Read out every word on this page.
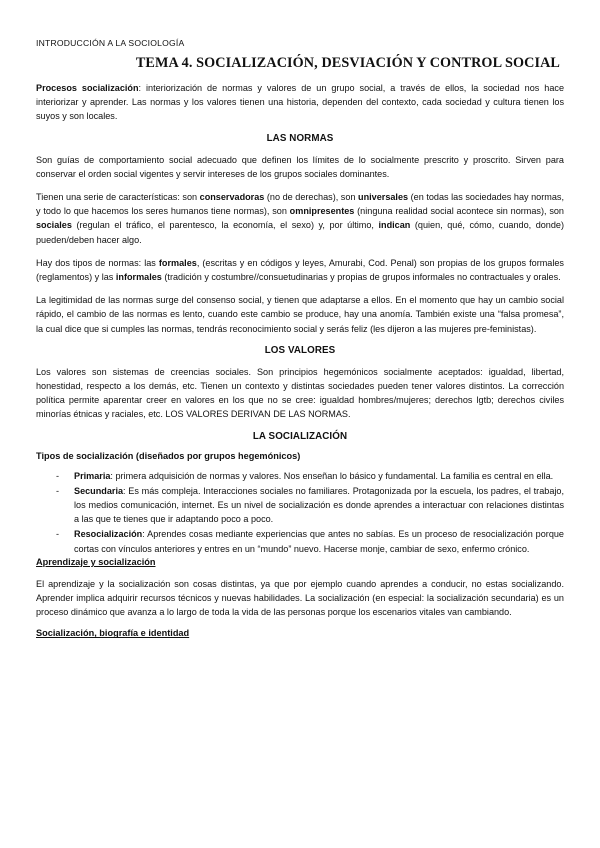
INTRODUCCIÓN A LA SOCIOLOGÍA
TEMA 4. SOCIALIZACIÓN, DESVIACIÓN Y CONTROL SOCIAL

Procesos socialización: interiorización de normas y valores de un grupo social, a través de ellos, la sociedad nos hace interiorizar y aprender. Las normas y los valores tienen una historia, dependen del contexto, cada sociedad y cultura tienen los suyos y son locales.

LAS NORMAS

Son guías de comportamiento social adecuado que definen los límites de lo socialmente prescrito y proscrito. Sirven para conservar el orden social vigentes y servir intereses de los grupos sociales dominantes.

Tienen una serie de características: son conservadoras (no de derechas), son universales (en todas las sociedades hay normas, y todo lo que hacemos los seres humanos tiene normas), son omnipresentes (ninguna realidad social acontece sin normas), son sociales (regulan el tráfico, el parentesco, la economía, el sexo) y, por último, indican (quien, qué, cómo, cuando, donde) pueden/deben hacer algo.

Hay dos tipos de normas: las formales, (escritas y en códigos y leyes, Amurabi, Cod. Penal) son propias de los grupos formales (reglamentos) y las informales (tradición y costumbre//consuetudinarias y propias de grupos informales no contractuales y orales.

La legitimidad de las normas surge del consenso social, y tienen que adaptarse a ellos. En el momento que hay un cambio social rápido, el cambio de las normas es lento, cuando este cambio se produce, hay una anomía. También existe una “falsa promesa”, la cual dice que si cumples las normas, tendrás reconocimiento social y serás feliz (les dijeron a las mujeres pre-feministas).

LOS VALORES

Los valores son sistemas de creencias sociales. Son principios hegemónicos socialmente aceptados: igualdad, libertad, honestidad, respecto a los demás, etc. Tienen un contexto y distintas sociedades pueden tener valores distintos. La corrección política permite aparentar creer en valores en los que no se cree: igualdad hombres/mujeres; derechos lgtb; derechos civiles minorías étnicas y raciales, etc. LOS VALORES DERIVAN DE LAS NORMAS.

LA SOCIALIZACIÓN
Tipos de socialización (diseñados por grupos hegemónicos)
- Primaria: primera adquisición de normas y valores. Nos enseñan lo básico y fundamental. La familia es central en ella.
- Secundaria: Es más compleja. Interacciones sociales no familiares. Protagonizada por la escuela, los padres, el trabajo, los medios comunicación, internet. Es un nivel de socialización es donde aprendes a interactuar con relaciones distintas a las que te tienes que ir adaptando poco a poco.
- Resocialización: Aprendes cosas mediante experiencias que antes no sabías. Es un proceso de resocialización porque cortas con vínculos anteriores y entres en un “mundo” nuevo. Hacerse monje, cambiar de sexo, enfermo crónico.
Aprendizaje y socialización

El aprendizaje y la socialización son cosas distintas, ya que por ejemplo cuando aprendes a conducir, no estas socializando. Aprender implica adquirir recursos técnicos y nuevas habilidades. La socialización (en especial: la socialización secundaria) es un proceso dinámico que avanza a lo largo de toda la vida de las personas porque los escenarios vitales van cambiando.

Socialización, biografía e identidad
